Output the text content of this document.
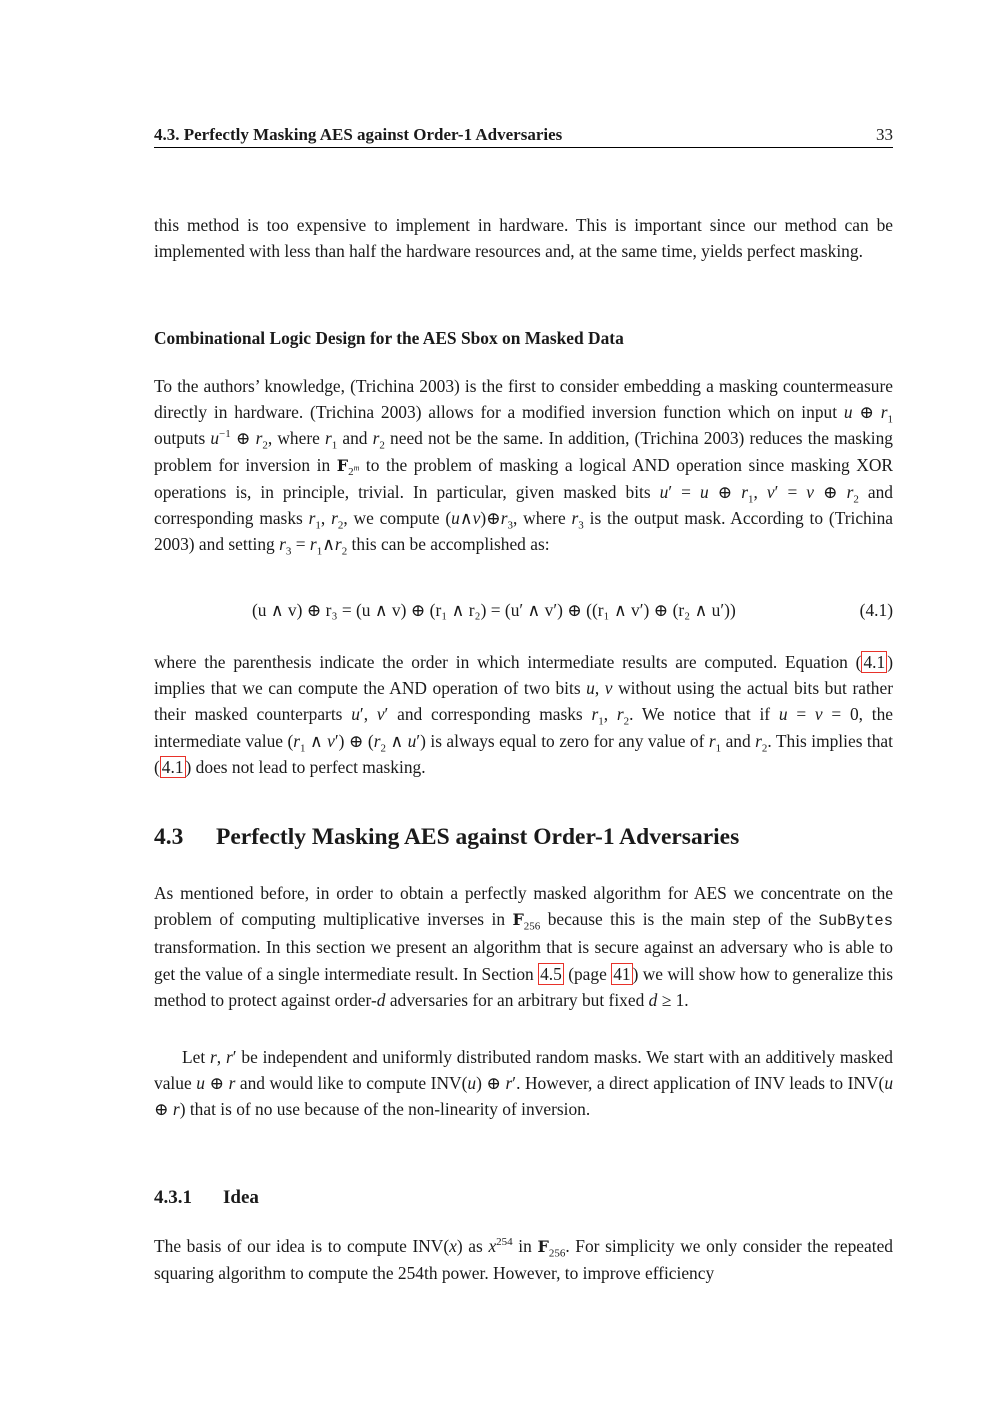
4.3. Perfectly Masking AES against Order-1 Adversaries	33

this method is too expensive to implement in hardware. This is important since our method can be implemented with less than half the hardware resources and, at the same time, yields perfect masking.

Combinational Logic Design for the AES Sbox on Masked Data

To the authors’ knowledge, (Trichina 2003) is the first to consider embedding a masking countermeasure directly in hardware. (Trichina 2003) allows for a modified inversion function which on input u ⊕ $r_1$ outputs $u^{-1}$ ⊕ $r_2$, where $r_1$ and $r_2$ need not be the same. In addition, (Trichina 2003) reduces the masking problem for inversion in $F_{2^m}$ to the problem of masking a logical AND operation since masking XOR operations is, in principle, trivial. In particular, given masked bits u′ = u ⊕ $r_1$, v′ = v ⊕ $r_2$ and corresponding masks $r_1$, $r_2$, we compute $(u\wedge v)\oplus r_3$, where $r_3$ is the output mask. According to (Trichina 2003) and setting $r_3$ = $r_1\wedge r_2$ this can be accomplished as:

(u ∧ v) ⊕ r₃ = (u ∧ v) ⊕ (r₁ ∧ r₂) = (u′ ∧ v′) ⊕ ((r₁ ∧ v′) ⊕ (r₂ ∧ u′))	(4.1)

where the parenthesis indicate the order in which intermediate results are computed. Equation ( 4.1 ) implies that we can compute the AND operation of two bits u, v without using the actual bits but rather their masked counterparts u′, v′ and corresponding masks $r_1$, $r_2$. We notice that if u = v = 0, the intermediate value ($r_1$ ∧ v′) ⊕ ($r_2$ ∧ u′) is always equal to zero for any value of $r_1$ and $r_2$. This implies that ( 4.1 ) does not lead to perfect masking.

4.3	Perfectly Masking AES against Order-1 Adversaries

As mentioned before, in order to obtain a perfectly masked algorithm for AES we concentrate on the problem of computing multiplicative inverses in $F_{256}$ because this is the main step of the SubBytes transformation. In this section we present an algorithm that is secure against an adversary who is able to get the value of a single intermediate result. In Section 4.5 (page 41 ) we will show how to generalize this method to protect against order-d adversaries for an arbitrary but fixed d ≥ 1.

Let r, r′ be independent and uniformly distributed random masks. We start with an additively masked value u ⊕ r and would like to compute INV(u) ⊕ r′. However, a direct application of INV leads to INV(u ⊕ r) that is of no use because of the non-linearity of inversion.

4.3.1	Idea

The basis of our idea is to compute INV(x) as $x^{254}$ in $F_{256}$. For simplicity we only consider the repeated squaring algorithm to compute the 254th power. However, to improve efficiency
